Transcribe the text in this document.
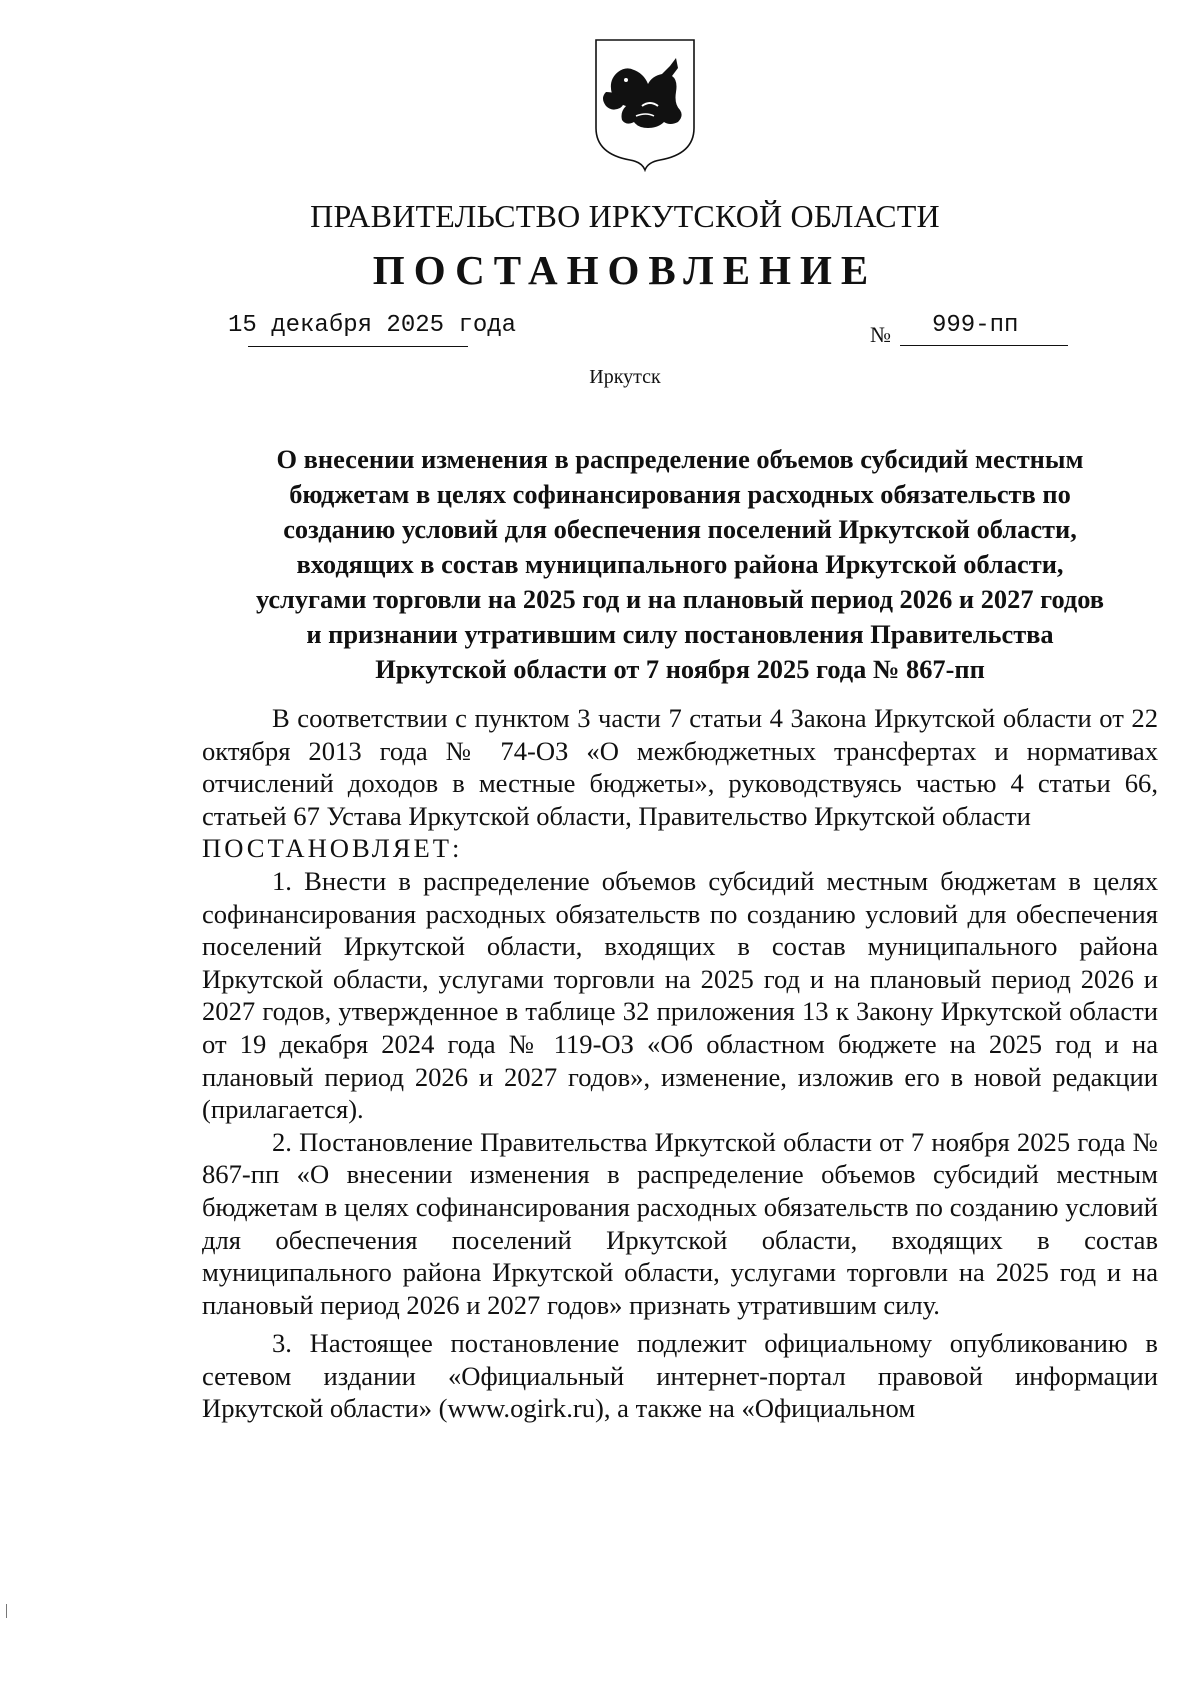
ПРАВИТЕЛЬСТВО ИРКУТСКОЙ ОБЛАСТИ
ПОСТАНОВЛЕНИЕ
15 декабря 2025 года	№ 999-пп
Иркутск
О внесении изменения в распределение объемов субсидий местным
бюджетам в целях софинансирования расходных обязательств по
созданию условий для обеспечения поселений Иркутской области,
входящих в состав муниципального района Иркутской области,
услугами торговли на 2025 год и на плановый период 2026 и 2027 годов
и признании утратившим силу постановления Правительства
Иркутской области от 7 ноября 2025 года № 867-пп

В соответствии с пунктом 3 части 7 статьи 4 Закона Иркутской области от 22 октября 2013 года № 74-ОЗ «О межбюджетных трансфертах и нормативах отчислений доходов в местные бюджеты», руководствуясь частью 4 статьи 66, статьей 67 Устава Иркутской области, Правительство Иркутской области

ПОСТАНОВЛЯЕТ:

1. Внести в распределение объемов субсидий местным бюджетам в целях софинансирования расходных обязательств по созданию условий для обеспечения поселений Иркутской области, входящих в состав муниципального района Иркутской области, услугами торговли на 2025 год и на плановый период 2026 и 2027 годов, утвержденное в таблице 32 приложения 13 к Закону Иркутской области от 19 декабря 2024 года № 119-ОЗ «Об областном бюджете на 2025 год и на плановый период 2026 и 2027 годов», изменение, изложив его в новой редакции (прилагается).

2. Постановление Правительства Иркутской области от 7 ноября 2025 года № 867-пп «О внесении изменения в распределение объемов субсидий местным бюджетам в целях софинансирования расходных обязательств по созданию условий для обеспечения поселений Иркутской области, входящих в состав муниципального района Иркутской области, услугами торговли на 2025 год и на плановый период 2026 и 2027 годов» признать утратившим силу.

3. Настоящее постановление подлежит официальному опубликованию в сетевом издании «Официальный интернет-портал правовой информации Иркутской области» (www.ogirk.ru), а также на «Официальном
